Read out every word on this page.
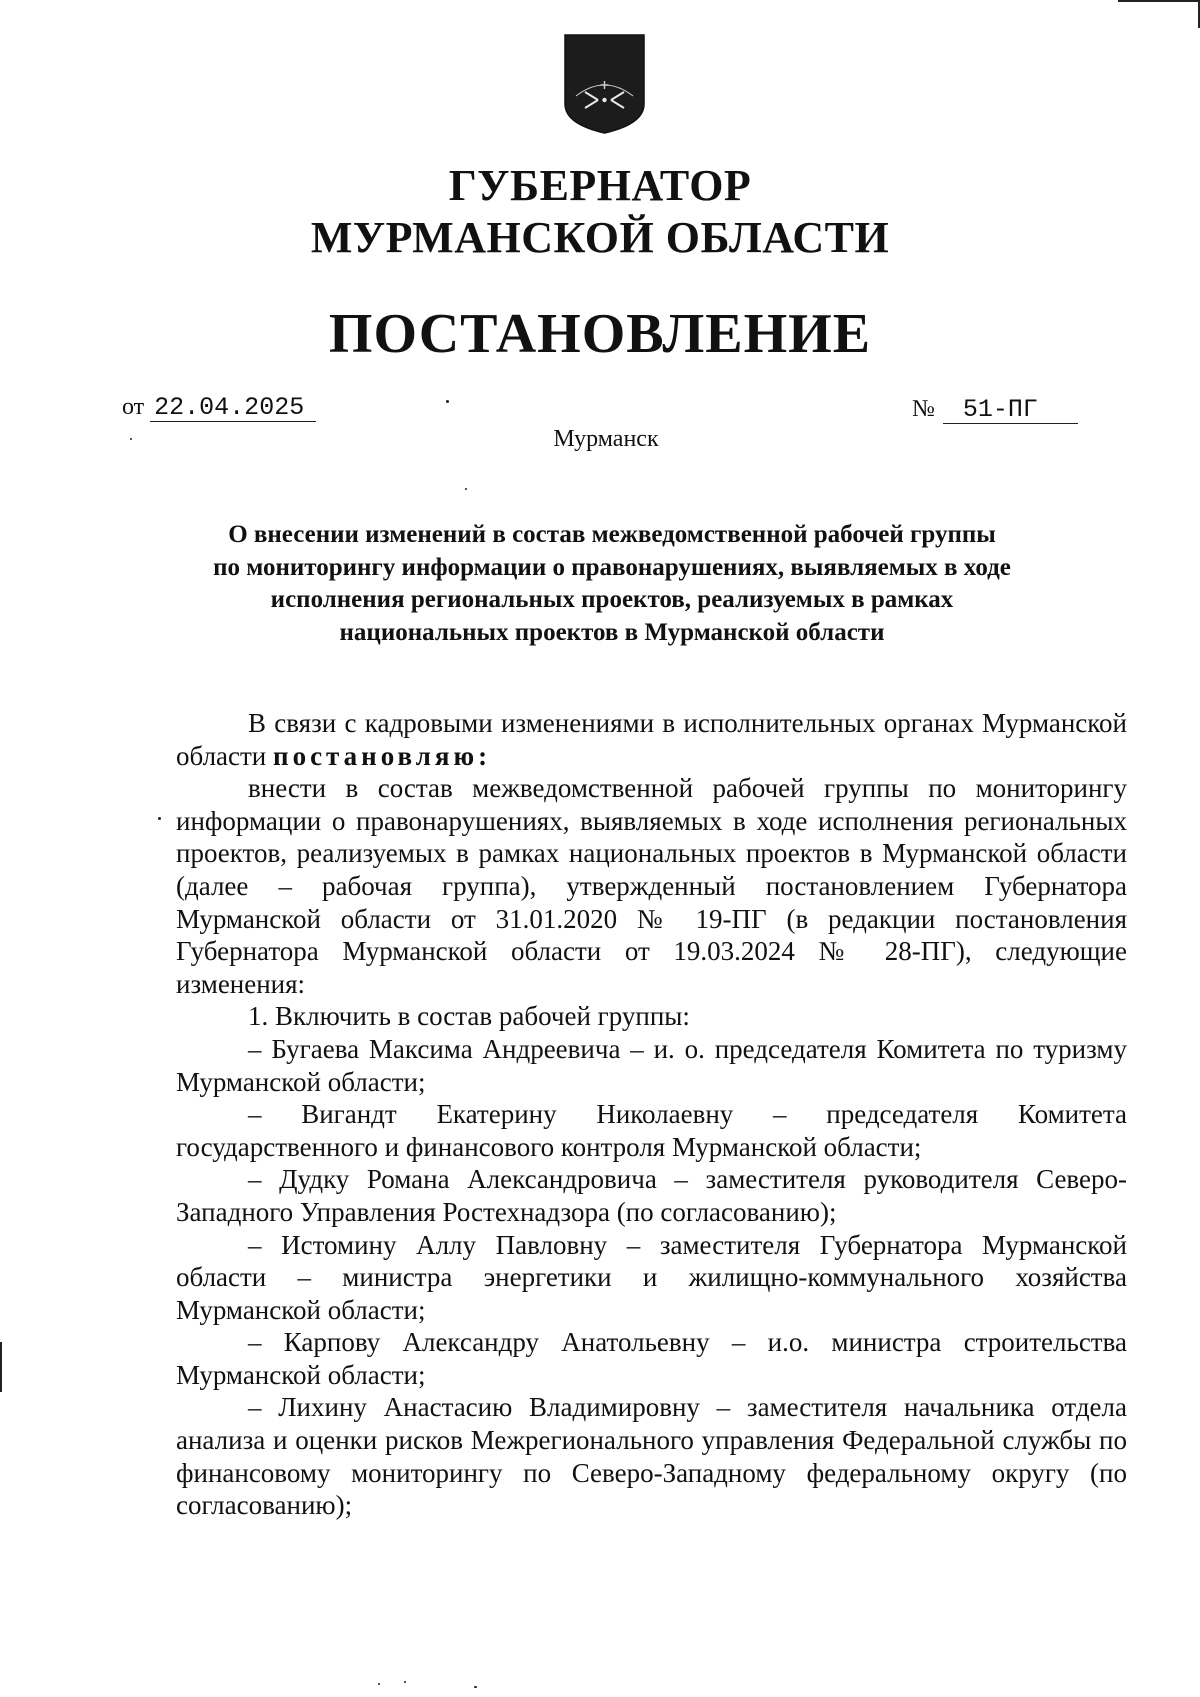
ГУБЕРНАТОР
МУРМАНСКОЙ ОБЛАСТИ
ПОСТАНОВЛЕНИЕ
от 22.04.2025	№ 51-ПГ
Мурманск
О внесении изменений в состав межведомственной рабочей группы
по мониторингу информации о правонарушениях, выявляемых в ходе
исполнения региональных проектов, реализуемых в рамках
национальных проектов в Мурманской области

В связи с кадровыми изменениями в исполнительных органах Мурманской области постановляю:

внести в состав межведомственной рабочей группы по мониторингу информации о правонарушениях, выявляемых в ходе исполнения региональных проектов, реализуемых в рамках национальных проектов в Мурманской области (далее – рабочая группа), утвержденный постановлением Губернатора Мурманской области от 31.01.2020 № 19-ПГ (в редакции постановления Губернатора Мурманской области от 19.03.2024 № 28-ПГ), следующие изменения:

1. Включить в состав рабочей группы:

– Бугаева Максима Андреевича – и. о. председателя Комитета по туризму Мурманской области;

– Вигандт Екатерину Николаевну – председателя Комитета государственного и финансового контроля Мурманской области;

– Дудку Романа Александровича – заместителя руководителя Северо-Западного Управления Ростехнадзора (по согласованию);

– Истомину Аллу Павловну – заместителя Губернатора Мурманской области – министра энергетики и жилищно-коммунального хозяйства Мурманской области;

– Карпову Александру Анатольевну – и.о. министра строительства Мурманской области;

– Лихину Анастасию Владимировну – заместителя начальника отдела анализа и оценки рисков Межрегионального управления Федеральной службы по финансовому мониторингу по Северо-Западному федеральному округу (по согласованию);
